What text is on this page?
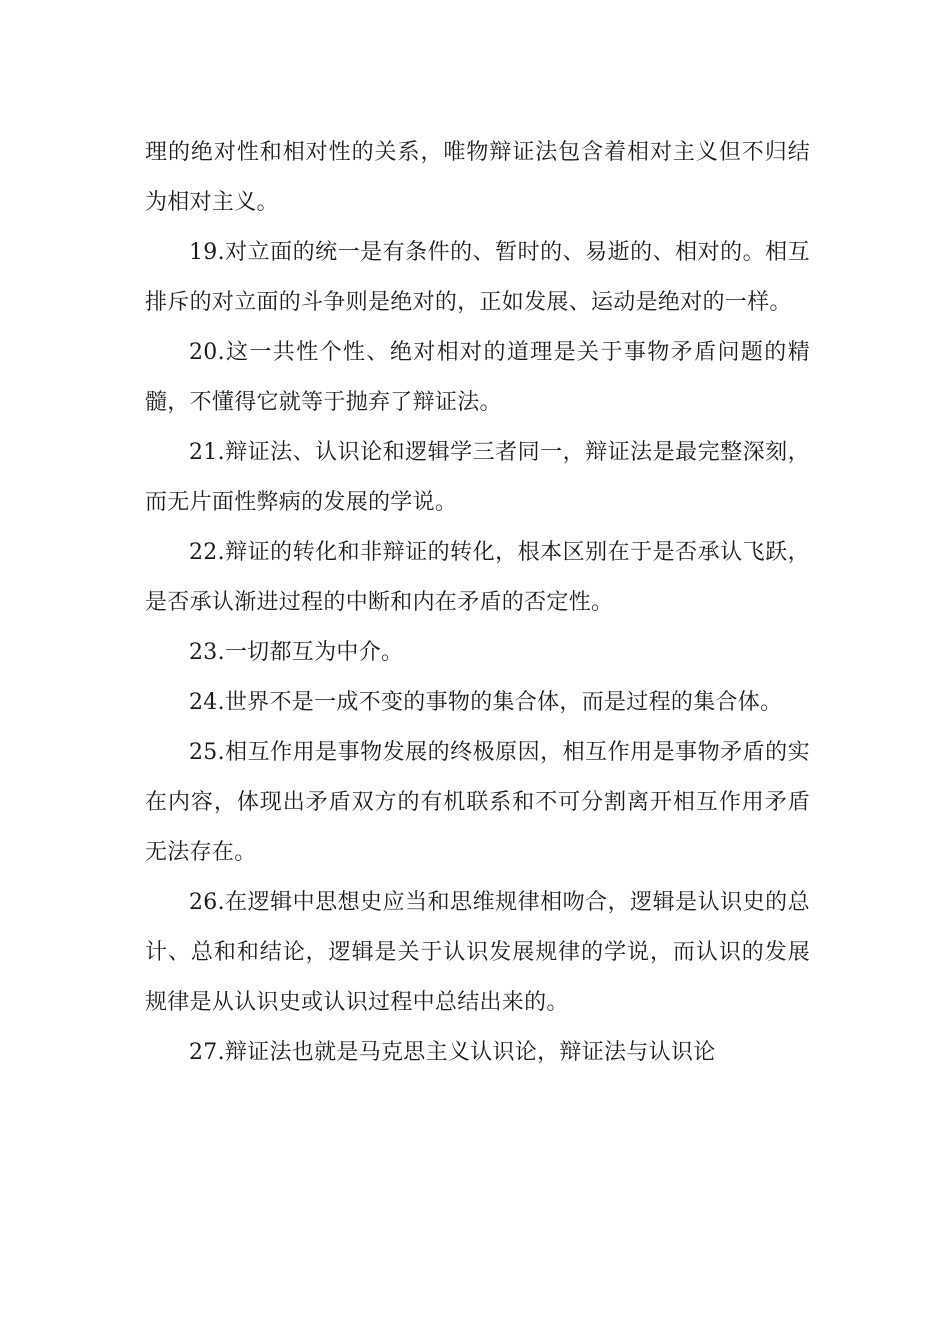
理的绝对性和相对性的关系，唯物辩证法包含着相对主义但不归结为相对主义。

19.对立面的统一是有条件的、暂时的、易逝的、相对的。相互排斥的对立面的斗争则是绝对的，正如发展、运动是绝对的一样。

20.这一共性个性、绝对相对的道理是关于事物矛盾问题的精髓，不懂得它就等于抛弃了辩证法。

21.辩证法、认识论和逻辑学三者同一，辩证法是最完整深刻，而无片面性弊病的发展的学说。

22.辩证的转化和非辩证的转化，根本区别在于是否承认飞跃，是否承认渐进过程的中断和内在矛盾的否定性。

23.一切都互为中介。

24.世界不是一成不变的事物的集合体，而是过程的集合体。

25.相互作用是事物发展的终极原因，相互作用是事物矛盾的实在内容，体现出矛盾双方的有机联系和不可分割离开相互作用矛盾无法存在。

26.在逻辑中思想史应当和思维规律相吻合，逻辑是认识史的总计、总和和结论，逻辑是关于认识发展规律的学说，而认识的发展规律是从认识史或认识过程中总结出来的。

27.辩证法也就是马克思主义认识论，辩证法与认识论
